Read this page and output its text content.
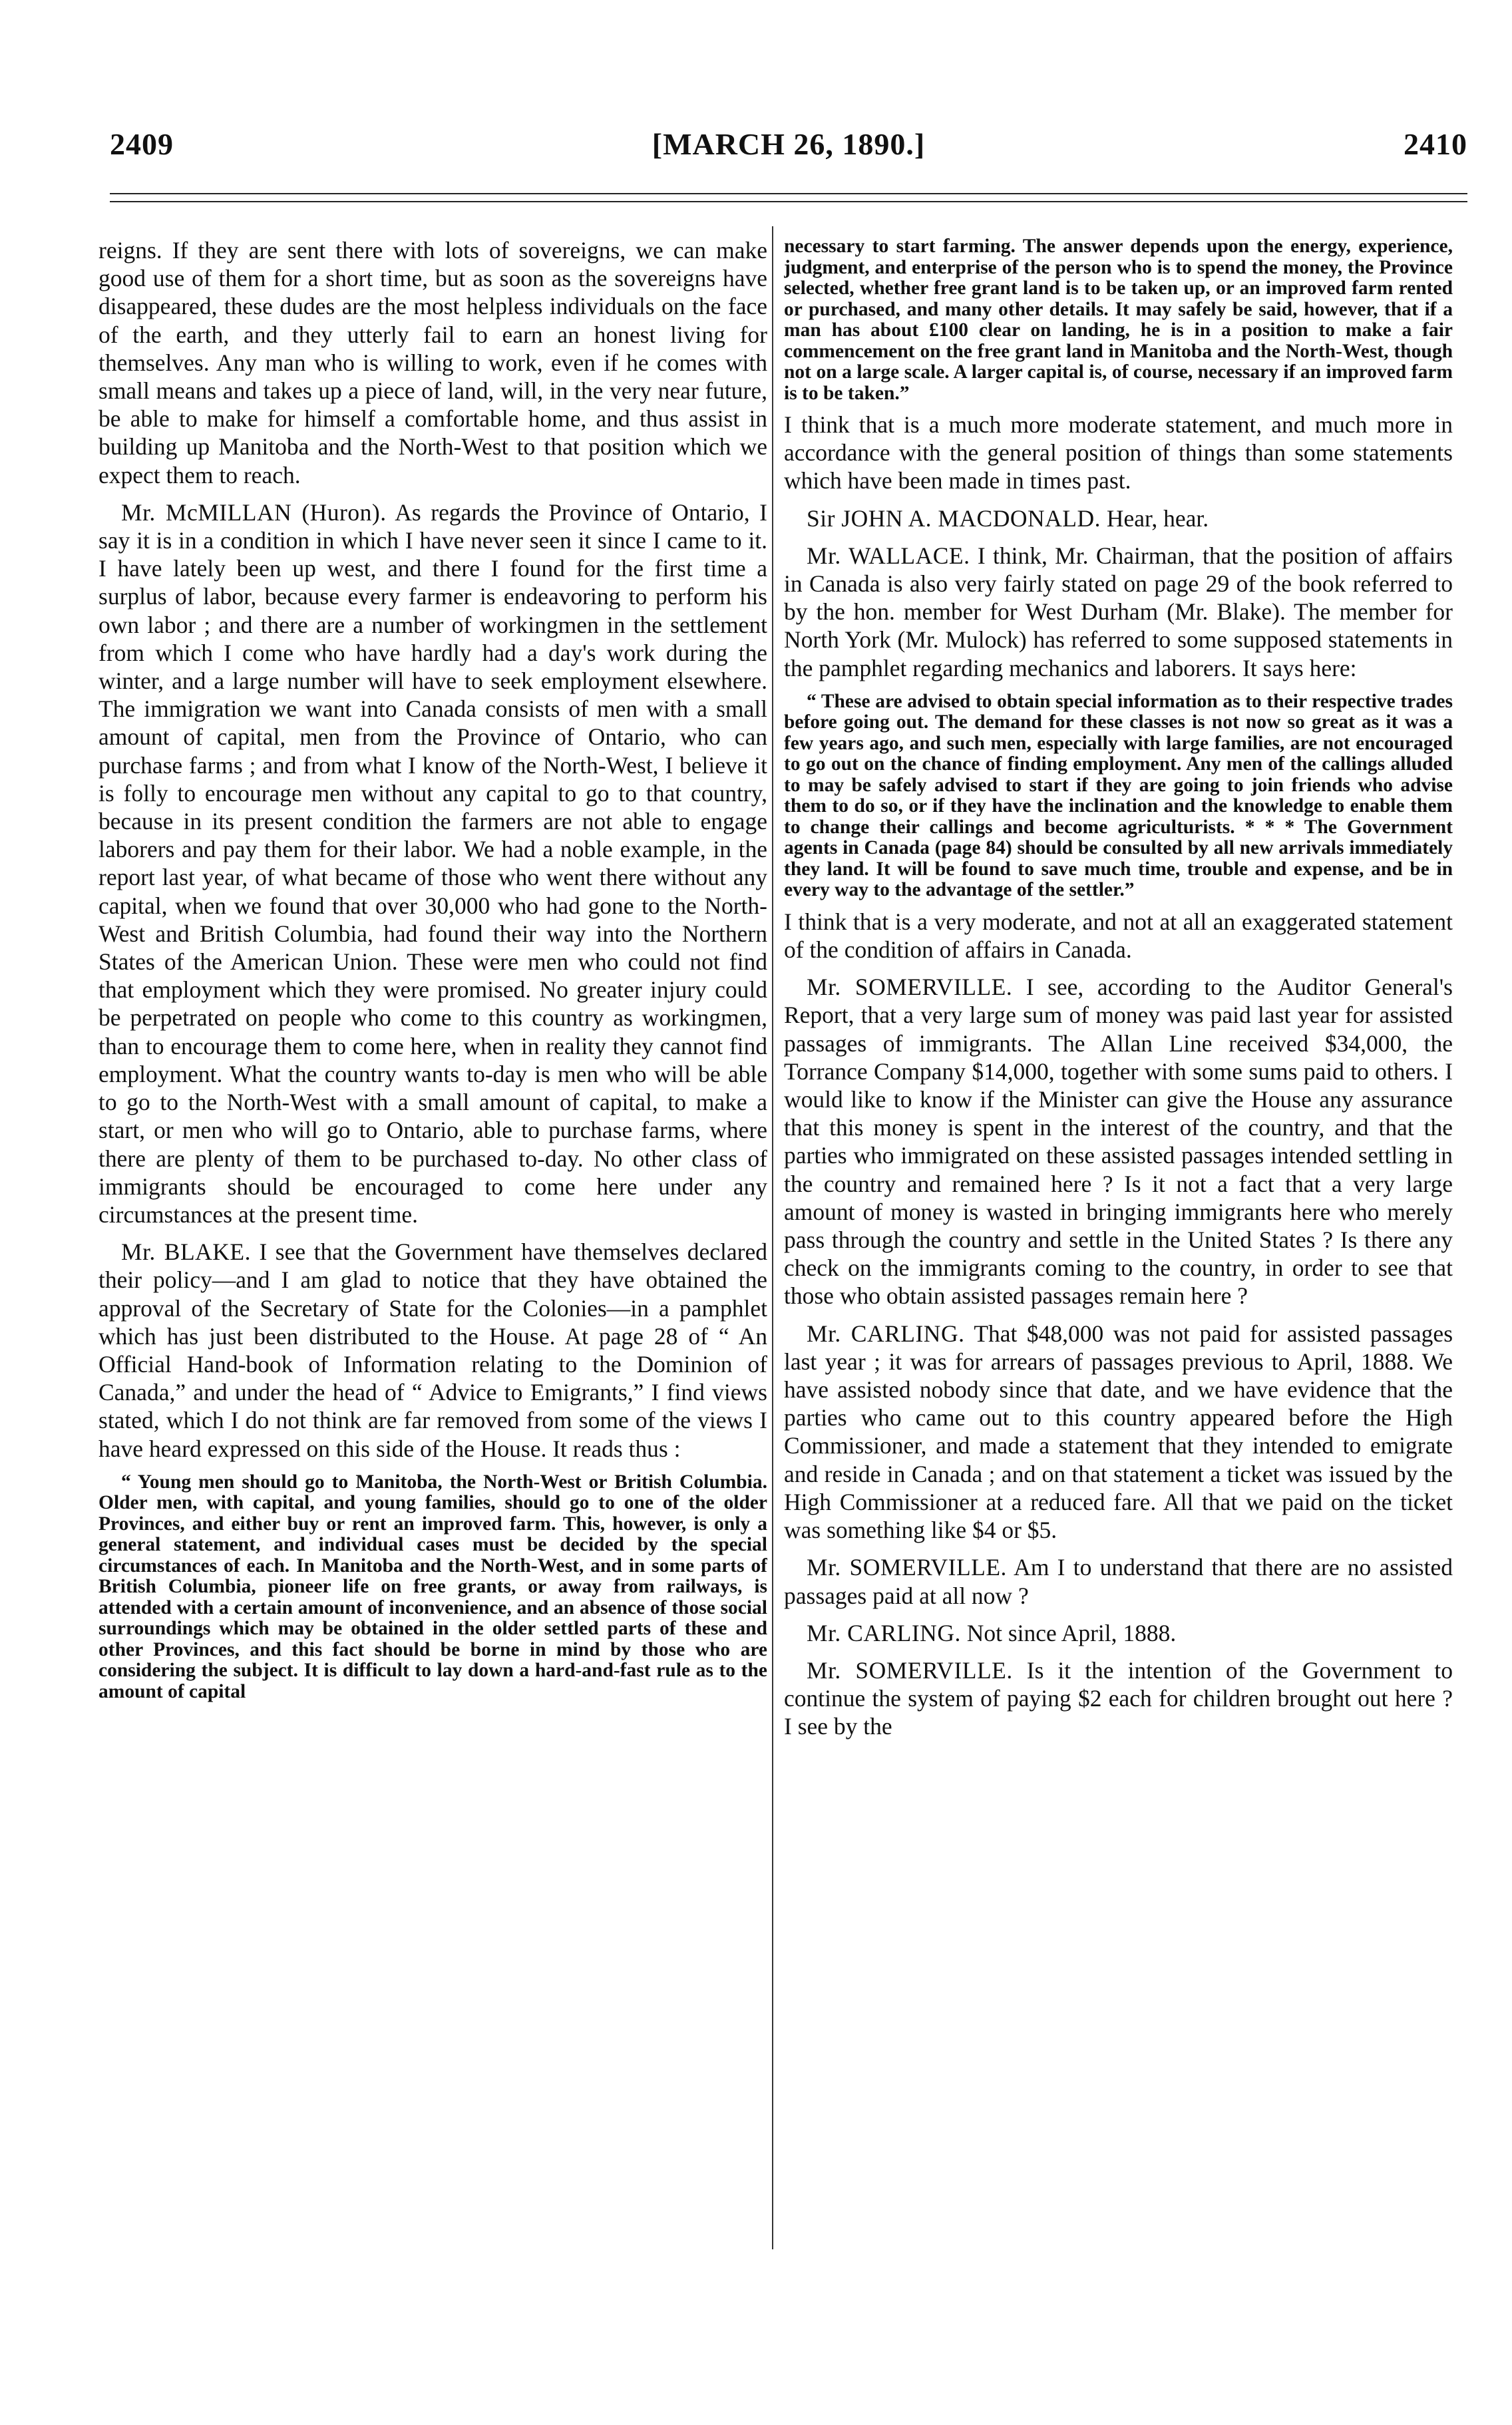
2409	[MARCH 26, 1890.]	2410

reigns. If they are sent there with lots of sovereigns, we can make good use of them for a short time, but as soon as the sovereigns have disappeared, these dudes are the most helpless individuals on the face of the earth, and they utterly fail to earn an honest living for themselves. Any man who is willing to work, even if he comes with small means and takes up a piece of land, will, in the very near future, be able to make for himself a comfortable home, and thus assist in building up Manitoba and the North-West to that position which we expect them to reach.

Mr. McMILLAN (Huron). As regards the Province of Ontario, I say it is in a condition in which I have never seen it since I came to it. I have lately been up west, and there I found for the first time a surplus of labor, because every farmer is endeavoring to perform his own labor ; and there are a number of workingmen in the settlement from which I come who have hardly had a day's work during the winter, and a large number will have to seek employment elsewhere. The immigration we want into Canada consists of men with a small amount of capital, men from the Province of Ontario, who can purchase farms ; and from what I know of the North-West, I believe it is folly to encourage men without any capital to go to that country, because in its present condition the farmers are not able to engage laborers and pay them for their labor. We had a noble example, in the report last year, of what became of those who went there without any capital, when we found that over 30,000 who had gone to the North-West and British Columbia, had found their way into the Northern States of the American Union. These were men who could not find that employment which they were promised. No greater injury could be perpetrated on people who come to this country as workingmen, than to encourage them to come here, when in reality they cannot find employment. What the country wants to-day is men who will be able to go to the North-West with a small amount of capital, to make a start, or men who will go to Ontario, able to purchase farms, where there are plenty of them to be purchased to-day. No other class of immigrants should be encouraged to come here under any circumstances at the present time.

Mr. BLAKE. I see that the Government have themselves declared their policy—and I am glad to notice that they have obtained the approval of the Secretary of State for the Colonies—in a pamphlet which has just been distributed to the House. At page 28 of “ An Official Hand-book of Information relating to the Dominion of Canada,” and under the head of “ Advice to Emigrants,” I find views stated, which I do not think are far removed from some of the views I have heard expressed on this side of the House. It reads thus :

“ Young men should go to Manitoba, the North-West or British Columbia. Older men, with capital, and young families, should go to one of the older Provinces, and either buy or rent an improved farm. This, however, is only a general statement, and individual cases must be decided by the special circumstances of each. In Manitoba and the North-West, and in some parts of British Columbia, pioneer life on free grants, or away from railways, is attended with a certain amount of inconvenience, and an absence of those social surroundings which may be obtained in the older settled parts of these and other Provinces, and this fact should be borne in mind by those who are considering the subject. It is difficult to lay down a hard-and-fast rule as to the amount of capital

necessary to start farming. The answer depends upon the energy, experience, judgment, and enterprise of the person who is to spend the money, the Province selected, whether free grant land is to be taken up, or an improved farm rented or purchased, and many other details. It may safely be said, however, that if a man has about £100 clear on landing, he is in a position to make a fair commencement on the free grant land in Manitoba and the North-West, though not on a large scale. A larger capital is, of course, necessary if an improved farm is to be taken.”

I think that is a much more moderate statement, and much more in accordance with the general position of things than some statements which have been made in times past.

Sir JOHN A. MACDONALD. Hear, hear.

Mr. WALLACE. I think, Mr. Chairman, that the position of affairs in Canada is also very fairly stated on page 29 of the book referred to by the hon. member for West Durham (Mr. Blake). The member for North York (Mr. Mulock) has referred to some supposed statements in the pamphlet regarding mechanics and laborers. It says here:

“ These are advised to obtain special information as to their respective trades before going out. The demand for these classes is not now so great as it was a few years ago, and such men, especially with large families, are not encouraged to go out on the chance of finding employment. Any men of the callings alluded to may be safely advised to start if they are going to join friends who advise them to do so, or if they have the inclination and the knowledge to enable them to change their callings and become agriculturists. * * * The Government agents in Canada (page 84) should be consulted by all new arrivals immediately they land. It will be found to save much time, trouble and expense, and be in every way to the advantage of the settler.”

I think that is a very moderate, and not at all an exaggerated statement of the condition of affairs in Canada.

Mr. SOMERVILLE. I see, according to the Auditor General's Report, that a very large sum of money was paid last year for assisted passages of immigrants. The Allan Line received $34,000, the Torrance Company $14,000, together with some sums paid to others. I would like to know if the Minister can give the House any assurance that this money is spent in the interest of the country, and that the parties who immigrated on these assisted passages intended settling in the country and remained here ? Is it not a fact that a very large amount of money is wasted in bringing immigrants here who merely pass through the country and settle in the United States ? Is there any check on the immigrants coming to the country, in order to see that those who obtain assisted passages remain here ?

Mr. CARLING. That $48,000 was not paid for assisted passages last year ; it was for arrears of passages previous to April, 1888. We have assisted nobody since that date, and we have evidence that the parties who came out to this country appeared before the High Commissioner, and made a statement that they intended to emigrate and reside in Canada ; and on that statement a ticket was issued by the High Commissioner at a reduced fare. All that we paid on the ticket was something like $4 or $5.

Mr. SOMERVILLE. Am I to understand that there are no assisted passages paid at all now ?

Mr. CARLING. Not since April, 1888.

Mr. SOMERVILLE. Is it the intention of the Government to continue the system of paying $2 each for children brought out here ? I see by the
